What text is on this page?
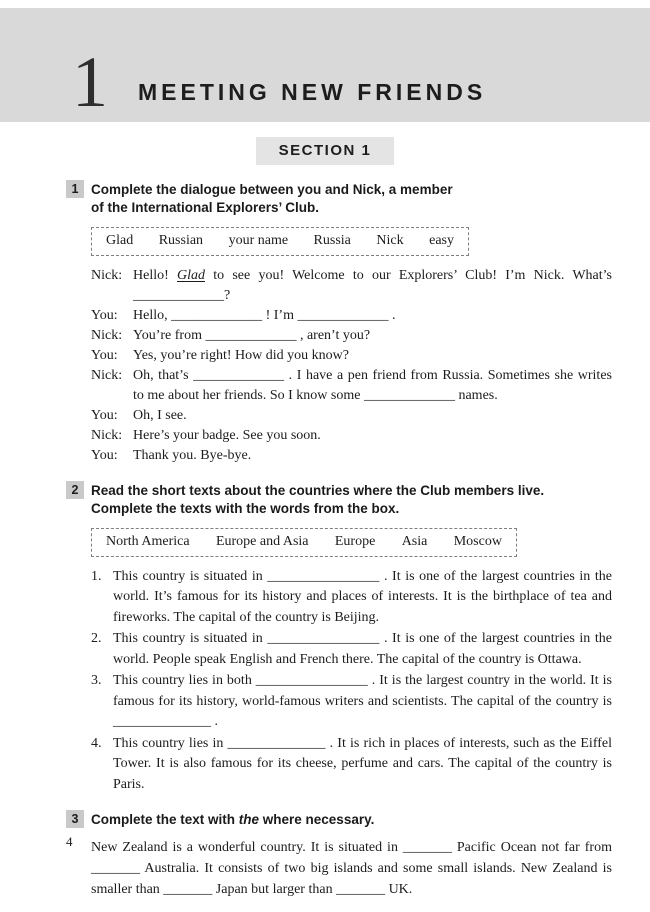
1 MEETING NEW FRIENDS
SECTION 1
1 Complete the dialogue between you and Nick, a member
of the International Explorers’ Club.
Glad Russian your name Russia Nick easy
Nick: Hello! Glad to see you! Welcome to our Explorers’ Club! I’m Nick. What’s _____________?
You:	Hello, _____________ ! I’m _____________ .
Nick: You’re from _____________ , aren’t you?
You:	Yes, you’re right! How did you know?
Nick: Oh, that’s _____________ . I have a pen friend from Russia. Sometimes she writes to me about her friends. So I know some _____________ names.
You:	Oh, I see.
Nick: Here’s your badge. See you soon.
You:	Thank you. Bye-bye.
2 Read the short texts about the countries where the Club members live.
Complete the texts with the words from the box.
North America Europe and Asia Europe Asia Moscow
1. This country is situated in ________________ . It is one of the largest countries in the world. It’s famous for its history and places of interests. It is the birthplace of tea and fireworks. The capital of the country is Beijing.
2. This country is situated in ________________ . It is one of the largest countries in the world. People speak English and French there. The capital of the country is Ottawa.
3. This country lies in both ________________ . It is the largest country in the world. It is famous for its history, world-famous writers and scientists. The capital of the country is ______________ .
4. This country lies in ______________ . It is rich in places of interests, such as the Eiffel Tower. It is also famous for its cheese, perfume and cars. The capital of the country is Paris.
3 Complete the text with the where necessary.
New Zealand is a wonderful country. It is situated in _______ Pacific Ocean not far from _______ Australia. It consists of two big islands and some small islands. New Zealand is smaller than _______ Japan but larger than _______ UK.
4
